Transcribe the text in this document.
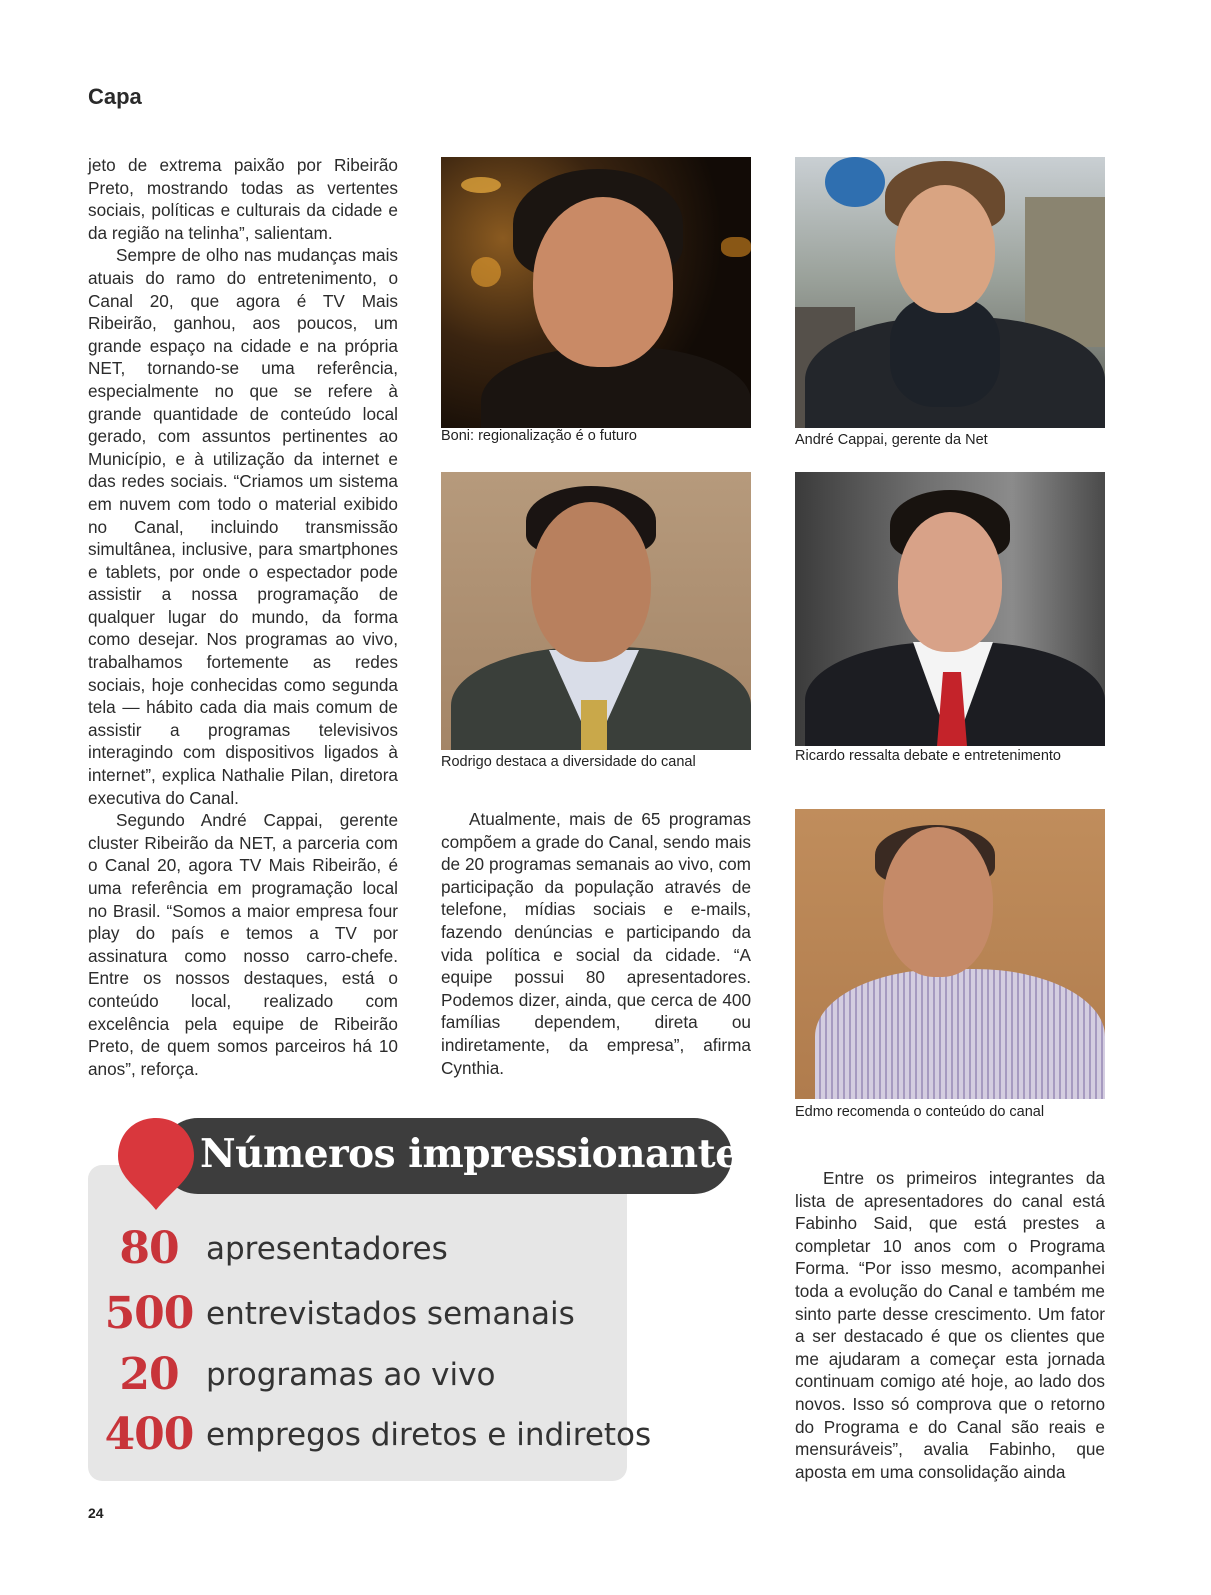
Capa

jeto de extrema paixão por Ribeirão Preto, mostrando todas as vertentes sociais, políticas e culturais da cidade e da região na telinha”, salientam.

Sempre de olho nas mudanças mais atuais do ramo do entretenimento, o Canal 20, que agora é TV Mais Ribeirão, ganhou, aos poucos, um grande espaço na cidade e na própria NET, tornando-se uma referência, especialmente no que se refere à grande quantidade de conteúdo local gerado, com assuntos pertinentes ao Município, e à utilização da internet e das redes sociais. “Criamos um sistema em nuvem com todo o material exibido no Canal, incluindo transmissão simultânea, inclusive, para smartphones e tablets, por onde o espectador pode assistir a nossa programação de qualquer lugar do mundo, da forma como desejar. Nos programas ao vivo, trabalhamos fortemente as redes sociais, hoje conhecidas como segunda tela — hábito cada dia mais comum de assistir a programas televisivos interagindo com dispositivos ligados à internet”, explica Nathalie Pilan, diretora executiva do Canal.

Segundo André Cappai, gerente cluster Ribeirão da NET, a parceria com o Canal 20, agora TV Mais Ribeirão, é uma referência em programação local no Brasil. “Somos a maior empresa four play do país e temos a TV por assinatura como nosso carro-chefe. Entre os nossos destaques, está o conteúdo local, realizado com excelência pela equipe de Ribeirão Preto, de quem somos parceiros há 10 anos”, reforça.

Boni: regionalização é o futuro	André Cappai, gerente da Net
Rodrigo destaca a diversidade do canal	Ricardo ressalta debate e entretenimento
Edmo recomenda o conteúdo do canal

Atualmente, mais de 65 programas compõem a grade do Canal, sendo mais de 20 programas semanais ao vivo, com participação da população através de telefone, mídias sociais e e-mails, fazendo denúncias e participando da vida política e social da cidade. “A equipe possui 80 apresentadores. Podemos dizer, ainda, que cerca de 400 famílias dependem, direta ou indiretamente, da empresa”, afirma Cynthia.

Entre os primeiros integrantes da lista de apresentadores do canal está Fabinho Said, que está prestes a completar 10 anos com o Programa Forma. “Por isso mesmo, acompanhei toda a evolução do Canal e também me sinto parte desse crescimento. Um fator a ser destacado é que os clientes que me ajudaram a começar esta jornada continuam comigo até hoje, ao lado dos novos. Isso só comprova que o retorno do Programa e do Canal são reais e mensuráveis”, avalia Fabinho, que aposta em uma consolidação ainda

Números impressionantes
80 apresentadores
500 entrevistados semanais
20 programas ao vivo
400 empregos diretos e indiretos
24
